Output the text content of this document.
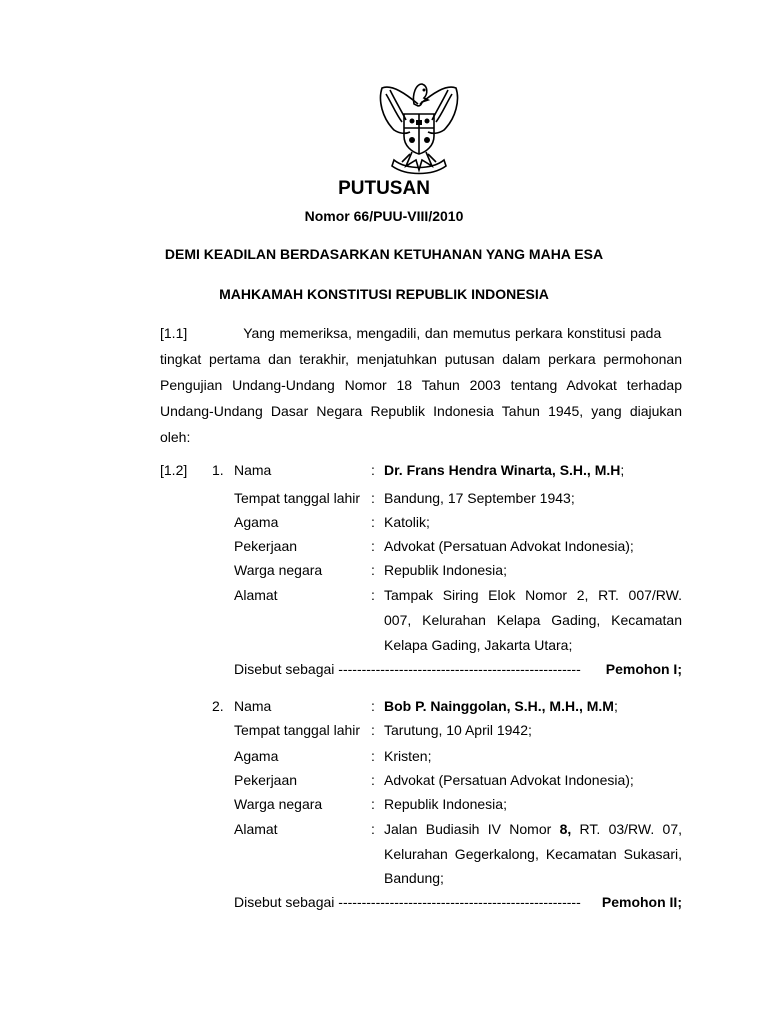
PUTUSAN
Nomor 66/PUU-VIII/2010
DEMI KEADILAN BERDASARKAN KETUHANAN YANG MAHA ESA
MAHKAMAH KONSTITUSI REPUBLIK INDONESIA
[1.1]	Yang memeriksa, mengadili, dan memutus perkara konstitusi pada
tingkat pertama dan terakhir, menjatuhkan putusan dalam perkara permohonan
Pengujian Undang-Undang Nomor 18 Tahun 2003 tentang Advokat terhadap
Undang-Undang Dasar Negara Republik Indonesia Tahun 1945, yang diajukan
oleh:
[1.2] 1. Nama	: Dr. Frans Hendra Winarta, S.H., M.H;
Tempat tanggal lahir : Bandung, 17 September 1943;
Agama	: Katolik;
Pekerjaan	: Advokat (Persatuan Advokat Indonesia);
Warga negara	: Republik Indonesia;
Alamat	: Tampak Siring Elok Nomor 2, RT. 007/RW.
007, Kelurahan Kelapa Gading, Kecamatan
Kelapa Gading, Jakarta Utara;
Disebut sebagai ---------------------------------------------------- Pemohon I;
2. Nama	: Bob P. Nainggolan, S.H., M.H., M.M;
Tempat tanggal lahir : Tarutung, 10 April 1942;
Agama	: Kristen;
Pekerjaan	: Advokat (Persatuan Advokat Indonesia);
Warga negara	: Republik Indonesia;
Alamat	: Jalan Budiasih IV Nomor 8, RT. 03/RW. 07,
Kelurahan Gegerkalong, Kecamatan Sukasari,
Bandung;
Disebut sebagai ---------------------------------------------------- Pemohon II;
